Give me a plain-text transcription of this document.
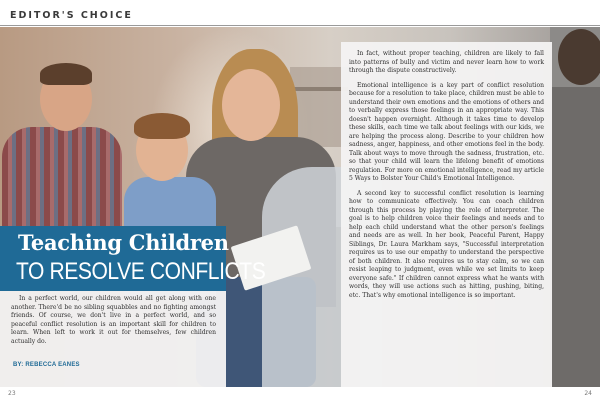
EDITOR'S CHOICE

In fact, without proper teaching, children are likely to fall into patterns of bully and victim and never learn how to work through the dispute constructively.

Emotional intelligence is a key part of conflict resolution because for a resolution to take place, children must be able to understand their own emotions and the emotions of others and to verbally express those feelings in an appropriate way. This doesn't happen overnight. Although it takes time to develop these skills, each time we talk about feelings with our kids, we are helping the process along. Describe to your children how sadness, anger, happiness, and other emotions feel in the body. Talk about ways to move through the sadness, frustration, etc. so that your child will learn the lifelong benefit of emotions regulation. For more on emotional intelligence, read my article 5 Ways to Bolster Your Child's Emotional Intelligence.

A second key to successful conflict resolution is learning how to communicate effectively. You can coach children through this process by playing the role of interpreter. The goal is to help children voice their feelings and needs and to help each child understand what the other person's feelings and needs are as well. In her book, Peaceful Parent, Happy Siblings, Dr. Laura Markham says, "Successful interpretation requires us to use our empathy to understand the perspective of both children. It also requires us to stay calm, so we can resist leaping to judgment, even while we set limits to keep everyone safe." If children cannot express what he wants with words, they will use actions such as hitting, pushing, biting, etc. That's why emotional intelligence is so important.

Teaching Children
TO RESOLVE CONFLICTS

In a perfect world, our children would all get along with one another. There'd be no sibling squabbles and no fighting amongst friends. Of course, we don't live in a perfect world, and so peaceful conflict resolution is an important skill for children to learn. When left to work it out for themselves, few children actually do.

BY: REBECCA EANES
23	24
